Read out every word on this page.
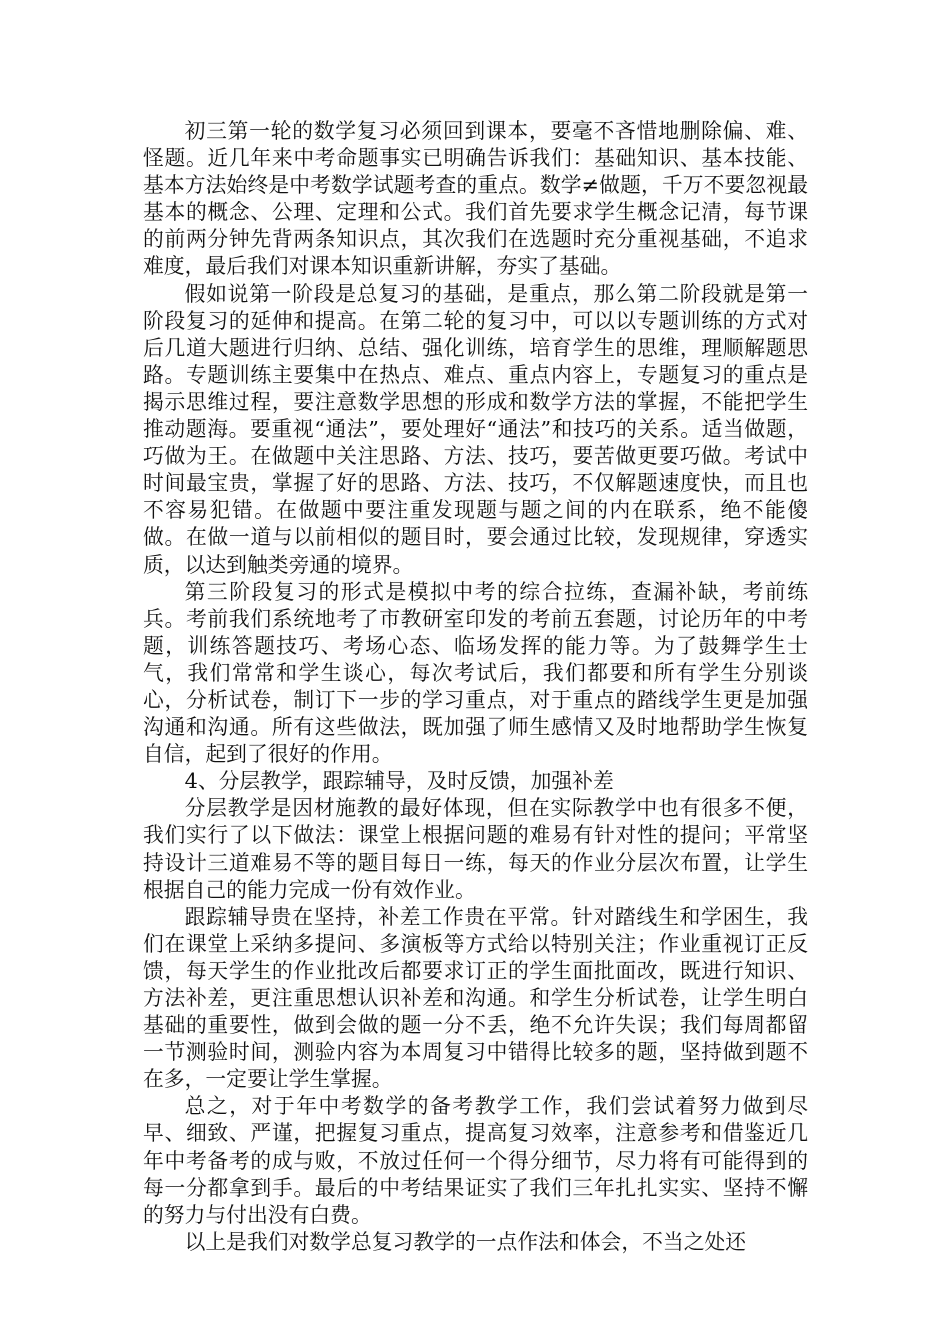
初三第一轮的数学复习必须回到课本，要毫不吝惜地删除偏、难、怪题。近几年来中考命题事实已明确告诉我们：基础知识、基本技能、基本方法始终是中考数学试题考查的重点。数学≠做题，千万不要忽视最基本的概念、公理、定理和公式。我们首先要求学生概念记清，每节课的前两分钟先背两条知识点，其次我们在选题时充分重视基础，不追求难度，最后我们对课本知识重新讲解，夯实了基础。

假如说第一阶段是总复习的基础，是重点，那么第二阶段就是第一阶段复习的延伸和提高。在第二轮的复习中，可以以专题训练的方式对后几道大题进行归纳、总结、强化训练，培育学生的思维，理顺解题思路。专题训练主要集中在热点、难点、重点内容上，专题复习的重点是揭示思维过程，要注意数学思想的形成和数学方法的掌握，不能把学生推动题海。要重视“通法”，要处理好“通法”和技巧的关系。适当做题，巧做为王。在做题中关注思路、方法、技巧，要苦做更要巧做。考试中时间最宝贵，掌握了好的思路、方法、技巧，不仅解题速度快，而且也不容易犯错。在做题中要注重发现题与题之间的内在联系，绝不能傻做。在做一道与以前相似的题目时，要会通过比较，发现规律，穿透实质，以达到触类旁通的境界。

第三阶段复习的形式是模拟中考的综合拉练，查漏补缺，考前练兵。考前我们系统地考了市教研室印发的考前五套题，讨论历年的中考题，训练答题技巧、考场心态、临场发挥的能力等。为了鼓舞学生士气，我们常常和学生谈心，每次考试后，我们都要和所有学生分别谈心，分析试卷，制订下一步的学习重点，对于重点的踏线学生更是加强沟通和沟通。所有这些做法，既加强了师生感情又及时地帮助学生恢复自信，起到了很好的作用。

4、分层教学，跟踪辅导，及时反馈，加强补差

分层教学是因材施教的最好体现，但在实际教学中也有很多不便，我们实行了以下做法：课堂上根据问题的难易有针对性的提问；平常坚持设计三道难易不等的题目每日一练，每天的作业分层次布置，让学生根据自己的能力完成一份有效作业。

跟踪辅导贵在坚持，补差工作贵在平常。针对踏线生和学困生，我们在课堂上采纳多提问、多演板等方式给以特别关注；作业重视订正反馈，每天学生的作业批改后都要求订正的学生面批面改，既进行知识、方法补差，更注重思想认识补差和沟通。和学生分析试卷，让学生明白基础的重要性，做到会做的题一分不丢，绝不允许失误；我们每周都留一节测验时间，测验内容为本周复习中错得比较多的题，坚持做到题不在多，一定要让学生掌握。

总之，对于年中考数学的备考教学工作，我们尝试着努力做到尽早、细致、严谨，把握复习重点，提高复习效率，注意参考和借鉴近几年中考备考的成与败，不放过任何一个得分细节，尽力将有可能得到的每一分都拿到手。最后的中考结果证实了我们三年扎扎实实、坚持不懈的努力与付出没有白费。

以上是我们对数学总复习教学的一点作法和体会，不当之处还
